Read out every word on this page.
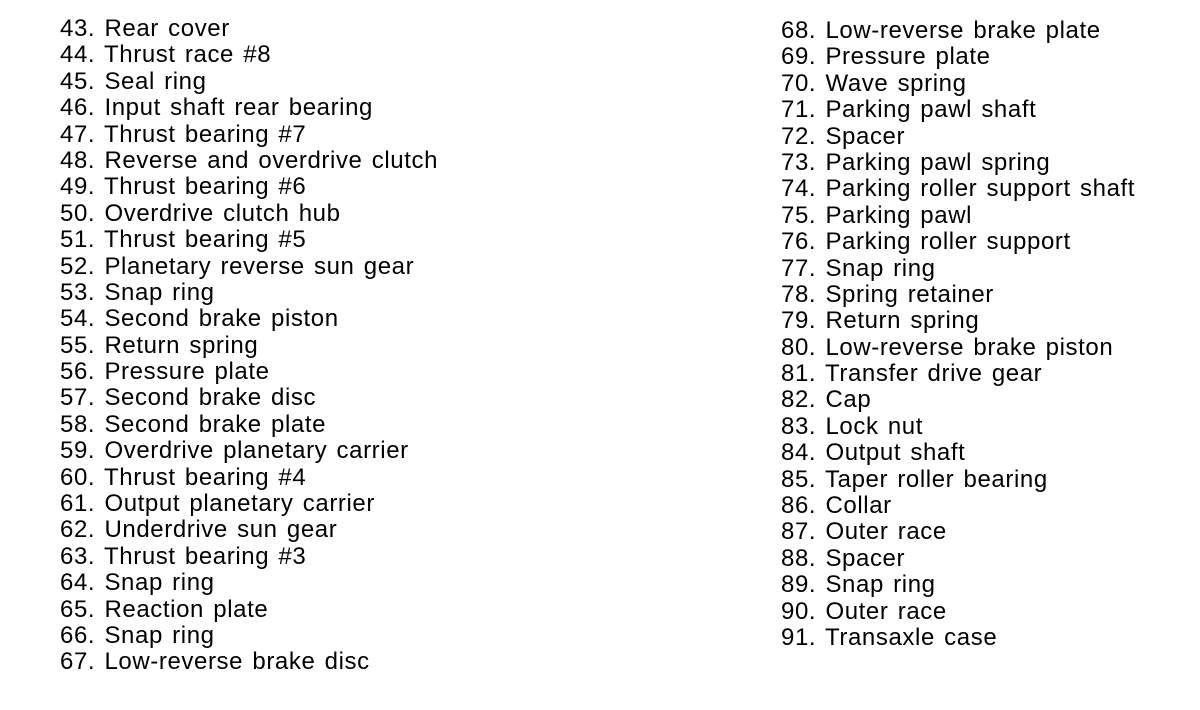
43. Rear cover
44. Thrust race #8
45. Seal ring
46. Input shaft rear bearing
47. Thrust bearing #7
48. Reverse and overdrive clutch
49. Thrust bearing #6
50. Overdrive clutch hub
51. Thrust bearing #5
52. Planetary reverse sun gear
53. Snap ring
54. Second brake piston
55. Return spring
56. Pressure plate
57. Second brake disc
58. Second brake plate
59. Overdrive planetary carrier
60. Thrust bearing #4
61. Output planetary carrier
62. Underdrive sun gear
63. Thrust bearing #3
64. Snap ring
65. Reaction plate
66. Snap ring
67. Low-reverse brake disc
68. Low-reverse brake plate
69. Pressure plate
70. Wave spring
71. Parking pawl shaft
72. Spacer
73. Parking pawl spring
74. Parking roller support shaft
75. Parking pawl
76. Parking roller support
77. Snap ring
78. Spring retainer
79. Return spring
80. Low-reverse brake piston
81. Transfer drive gear
82. Cap
83. Lock nut
84. Output shaft
85. Taper roller bearing
86. Collar
87. Outer race
88. Spacer
89. Snap ring
90. Outer race
91. Transaxle case
